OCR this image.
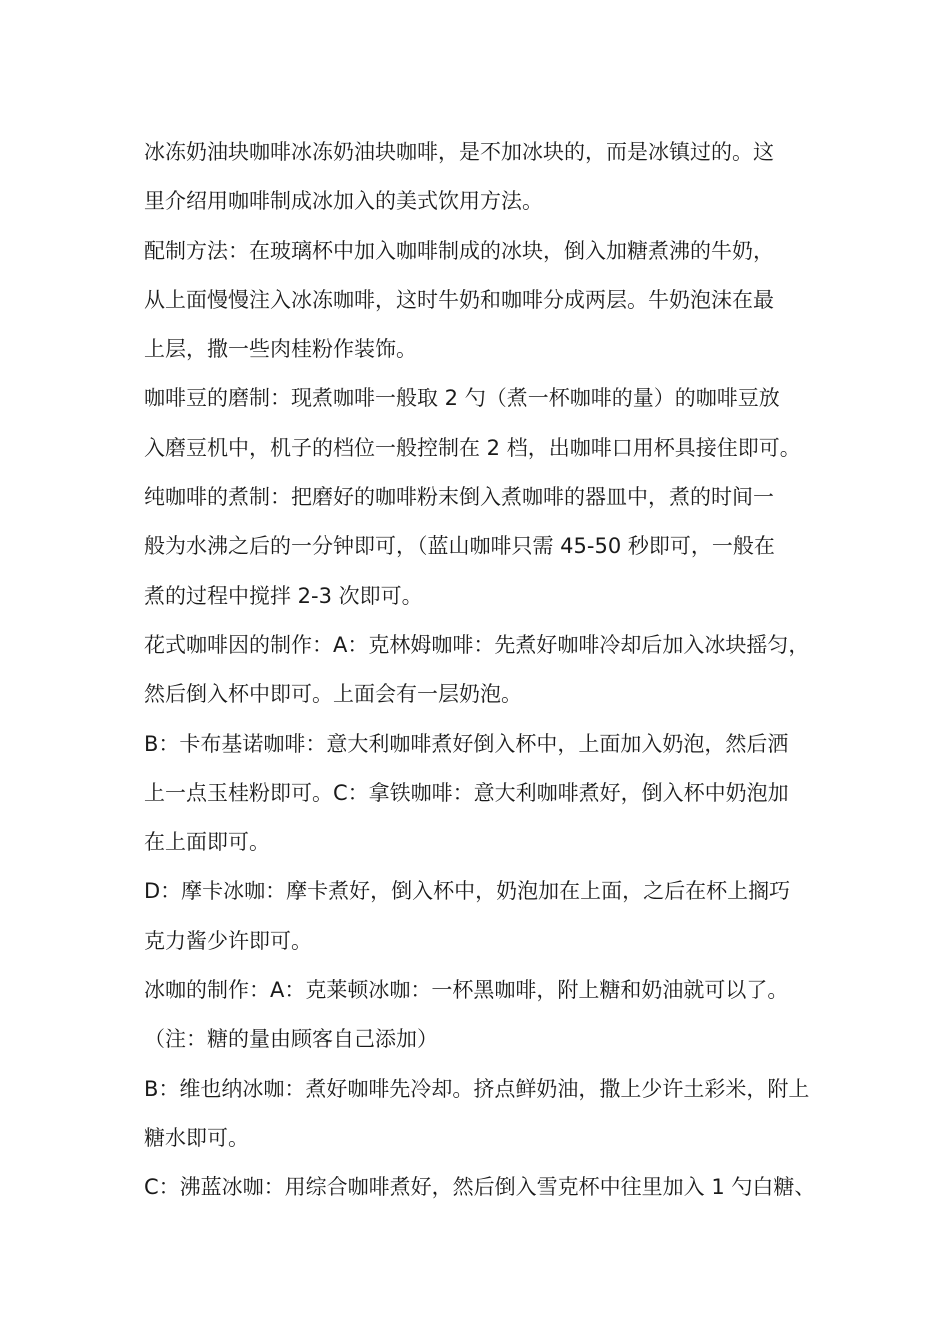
冰冻奶油块咖啡冰冻奶油块咖啡，是不加冰块的，而是冰镇过的。这
里介绍用咖啡制成冰加入的美式饮用方法。
配制方法：在玻璃杯中加入咖啡制成的冰块，倒入加糖煮沸的牛奶，
从上面慢慢注入冰冻咖啡，这时牛奶和咖啡分成两层。牛奶泡沫在最
上层，撒一些肉桂粉作装饰。
咖啡豆的磨制：现煮咖啡一般取 2 勺（煮一杯咖啡的量）的咖啡豆放
入磨豆机中，机子的档位一般控制在 2 档，出咖啡口用杯具接住即可。
纯咖啡的煮制：把磨好的咖啡粉末倒入煮咖啡的器皿中，煮的时间一
般为水沸之后的一分钟即可，（蓝山咖啡只需 45-50 秒即可，一般在
煮的过程中搅拌 2-3 次即可。
花式咖啡因的制作：A：克林姆咖啡：先煮好咖啡冷却后加入冰块摇匀，
然后倒入杯中即可。上面会有一层奶泡。
B：卡布基诺咖啡：意大利咖啡煮好倒入杯中，上面加入奶泡，然后洒
上一点玉桂粉即可。C：拿铁咖啡：意大利咖啡煮好，倒入杯中奶泡加
在上面即可。
D：摩卡冰咖：摩卡煮好，倒入杯中，奶泡加在上面，之后在杯上搁巧
克力酱少许即可。
冰咖的制作：A：克莱顿冰咖：一杯黑咖啡，附上糖和奶油就可以了。
（注：糖的量由顾客自己添加）
B：维也纳冰咖：煮好咖啡先冷却。挤点鲜奶油，撒上少许土彩米，附上
糖水即可。
C：沸蓝冰咖：用综合咖啡煮好，然后倒入雪克杯中往里加入 1 勺白糖、
